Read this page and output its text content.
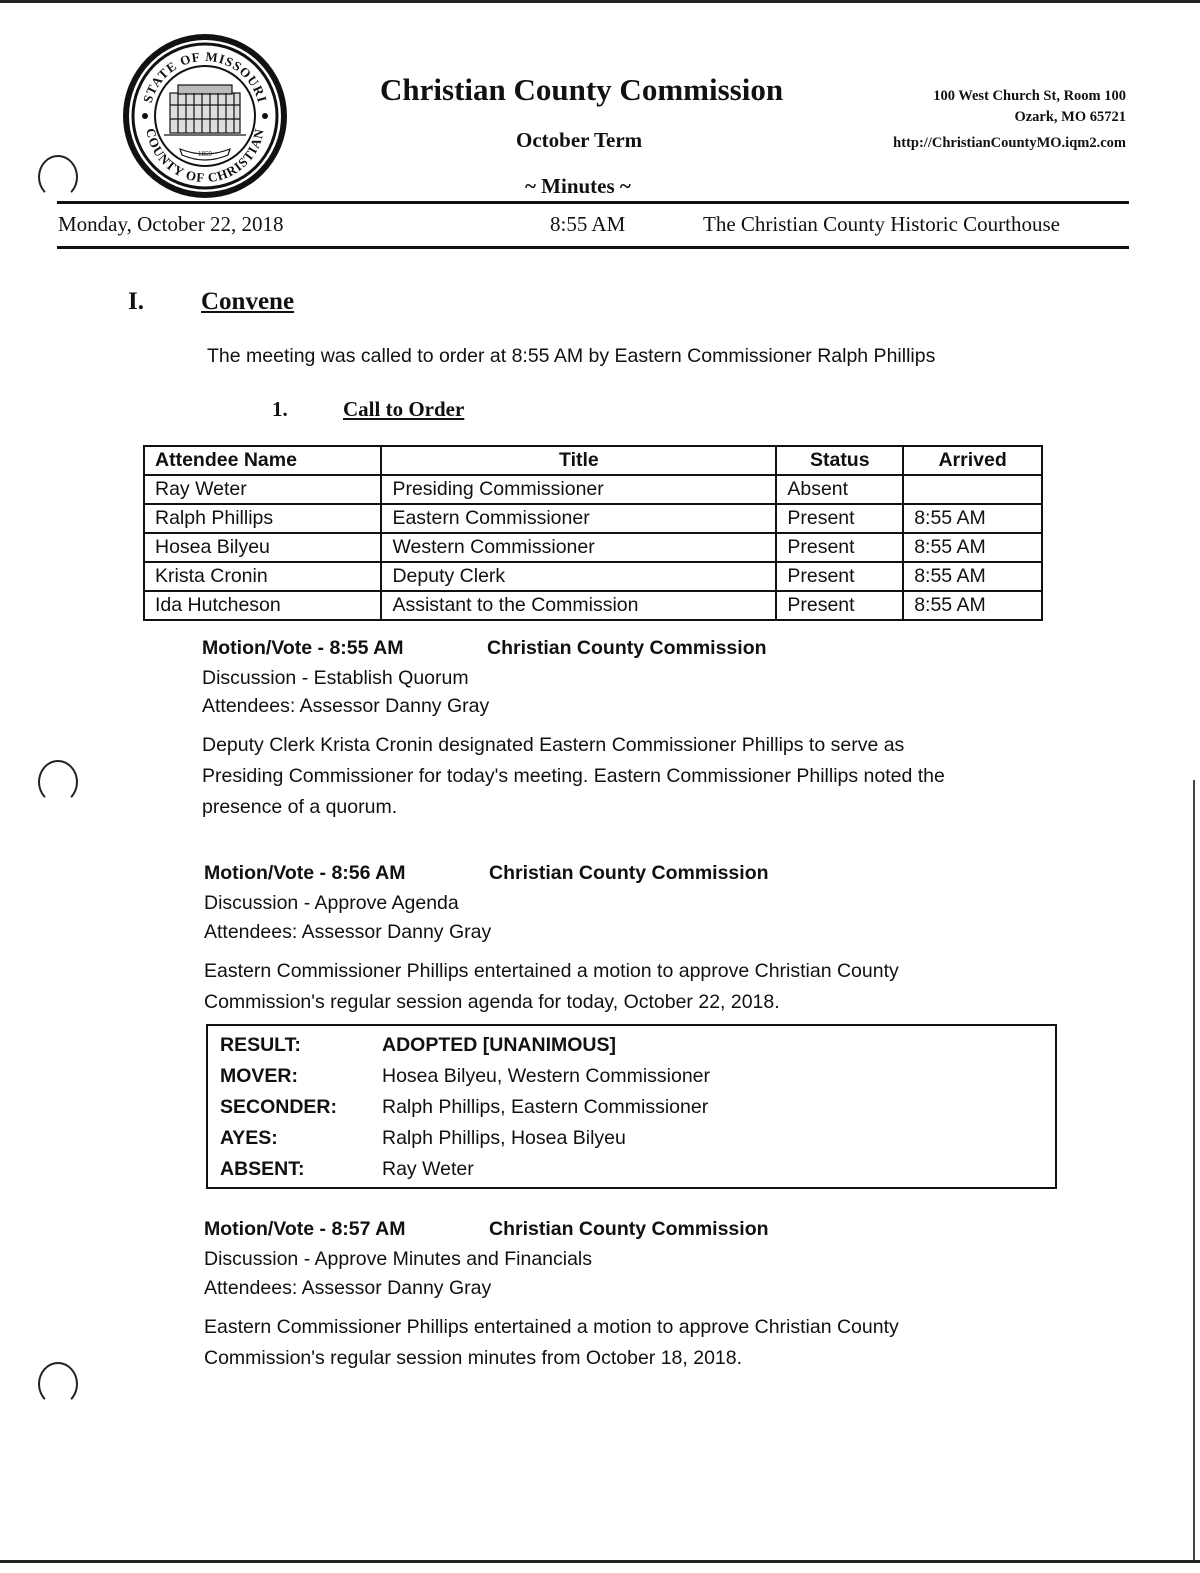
STATE OF MISSOURI
COUNTY OF CHRISTIAN
1859
Christian County Commission
October Term
~ Minutes ~
100 West Church St, Room 100
Ozark, MO 65721
http://ChristianCountyMO.iqm2.com
Monday, October 22, 2018	8:55 AM	The Christian County Historic Courthouse
I. Convene
The meeting was called to order at 8:55 AM by Eastern Commissioner Ralph Phillips
1.	Call to Order
Attendee Name	Title	Status	Arrived
Ray Weter	Presiding Commissioner	Absent	
Ralph Phillips	Eastern Commissioner	Present	8:55 AM
Hosea Bilyeu	Western Commissioner	Present	8:55 AM
Krista Cronin	Deputy Clerk	Present	8:55 AM
Ida Hutcheson	Assistant to the Commission	Present	8:55 AM
Motion/Vote - 8:55 AM	Christian County Commission
Discussion - Establish Quorum
Attendees: Assessor Danny Gray
Deputy Clerk Krista Cronin designated Eastern Commissioner Phillips to serve as
Presiding Commissioner for today's meeting. Eastern Commissioner Phillips noted the
presence of a quorum.
Motion/Vote - 8:56 AM	Christian County Commission
Discussion - Approve Agenda
Attendees: Assessor Danny Gray
Eastern Commissioner Phillips entertained a motion to approve Christian County
Commission's regular session agenda for today, October 22, 2018.
RESULT:	ADOPTED [UNANIMOUS]
MOVER:	Hosea Bilyeu, Western Commissioner
SECONDER:	Ralph Phillips, Eastern Commissioner
AYES:	Ralph Phillips, Hosea Bilyeu
ABSENT:	Ray Weter
Motion/Vote - 8:57 AM	Christian County Commission
Discussion - Approve Minutes and Financials
Attendees: Assessor Danny Gray
Eastern Commissioner Phillips entertained a motion to approve Christian County
Commission's regular session minutes from October 18, 2018.
